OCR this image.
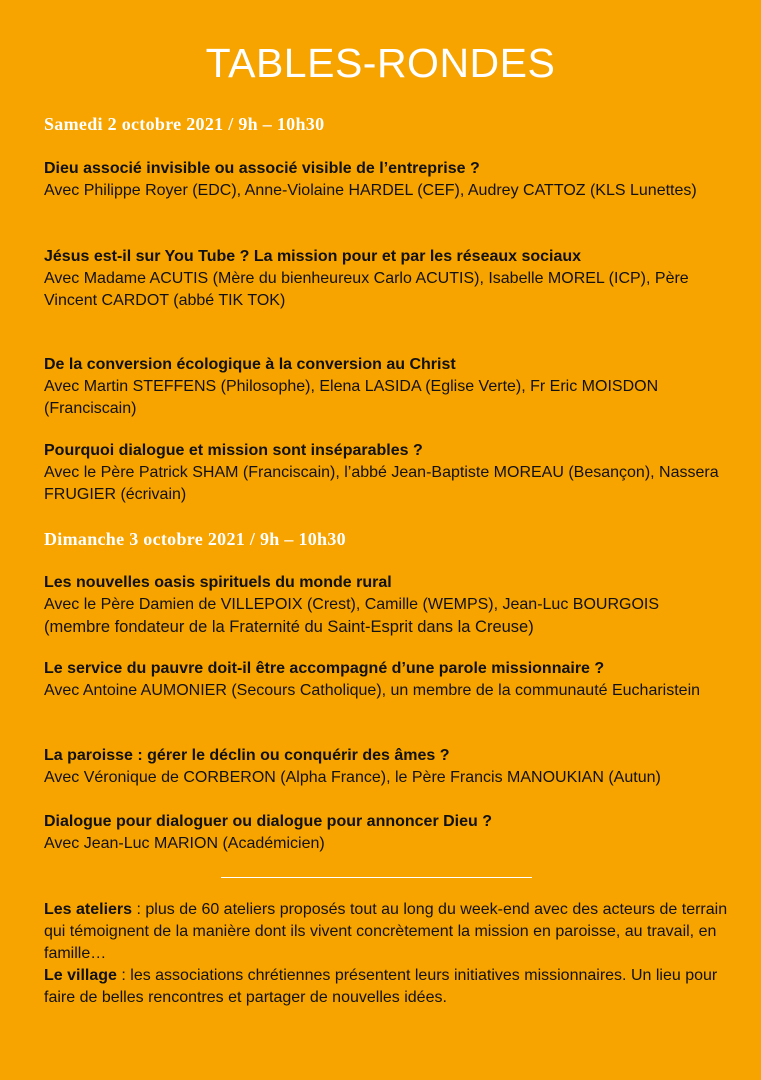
TABLES-RONDES
Samedi 2 octobre 2021 / 9h – 10h30
Dieu associé invisible ou associé visible de l’entreprise ?
Avec Philippe Royer (EDC), Anne-Violaine HARDEL (CEF), Audrey CATTOZ (KLS Lunettes)
Jésus est-il sur You Tube ? La mission pour et par les réseaux sociaux
Avec Madame ACUTIS (Mère du bienheureux Carlo ACUTIS), Isabelle MOREL (ICP), Père Vincent CARDOT (abbé TIK TOK)
De la conversion écologique à la conversion au Christ
Avec Martin STEFFENS (Philosophe), Elena LASIDA (Eglise Verte), Fr Eric MOISDON (Franciscain)
Pourquoi dialogue et mission sont inséparables ?
Avec le Père Patrick SHAM (Franciscain), l’abbé Jean-Baptiste MOREAU (Besançon), Nassera FRUGIER (écrivain)
Dimanche 3 octobre 2021 / 9h – 10h30
Les nouvelles oasis spirituels du monde rural
Avec le Père Damien de VILLEPOIX (Crest), Camille (WEMPS), Jean-Luc BOURGOIS
(membre fondateur de la Fraternité du Saint-Esprit dans la Creuse)
Le service du pauvre doit-il être accompagné d’une parole missionnaire ?
Avec Antoine AUMONIER (Secours Catholique), un membre de la communauté Eucharistein
La paroisse : gérer le déclin ou conquérir des âmes ?
Avec Véronique de CORBERON (Alpha France), le Père Francis MANOUKIAN (Autun)
Dialogue pour dialoguer ou dialogue pour annoncer Dieu ?
Avec Jean-Luc MARION (Académicien)
Les ateliers : plus de 60 ateliers proposés tout au long du week-end avec des acteurs de terrain qui témoignent de la manière dont ils vivent concrètement la mission en paroisse, au travail, en famille…
Le village : les associations chrétiennes présentent leurs initiatives missionnaires. Un lieu pour faire de belles rencontres et partager de nouvelles idées.
